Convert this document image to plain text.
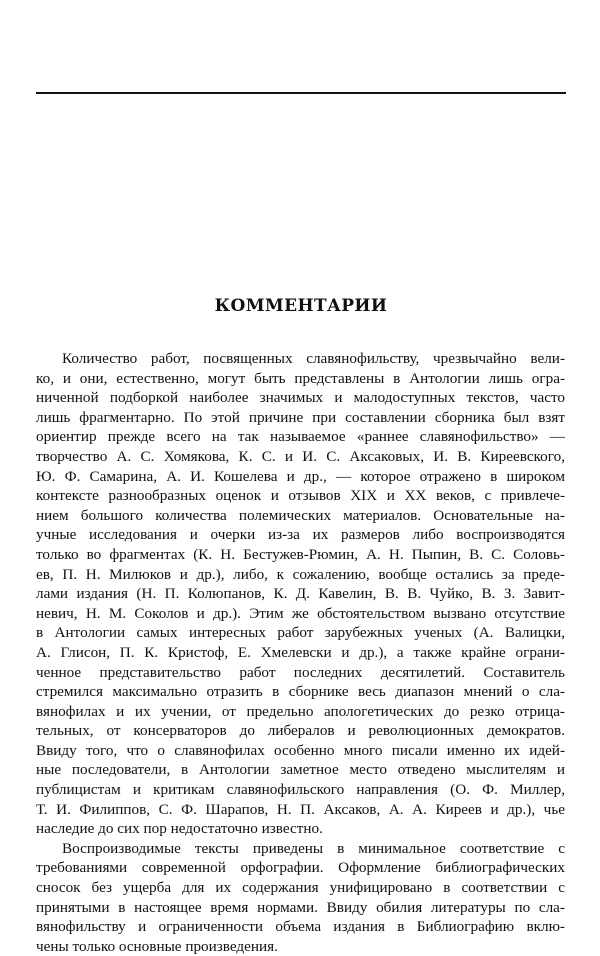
КОММЕНТАРИИ

Количество работ, посвященных славянофильству, чрезвычайно вели-
ко, и они, естественно, могут быть представлены в Антологии лишь огра-
ниченной подборкой наиболее значимых и малодоступных текстов, часто
лишь фрагментарно. По этой причине при составлении сборника был взят
ориентир прежде всего на так называемое «раннее славянофильство» —
творчество А. С. Хомякова, К. С. и И. С. Аксаковых, И. В. Киреевского,
Ю. Ф. Самарина, А. И. Кошелева и др., — которое отражено в широком
контексте разнообразных оценок и отзывов XIX и XX веков, с привлече-
нием большого количества полемических материалов. Основательные на-
учные исследования и очерки из-за их размеров либо воспроизводятся
только во фрагментах (К. Н. Бестужев-Рюмин, А. Н. Пыпин, В. С. Соловь-
ев, П. Н. Милюков и др.), либо, к сожалению, вообще остались за преде-
лами издания (Н. П. Колюпанов, К. Д. Кавелин, В. В. Чуйко, В. З. Завит-
невич, Н. М. Соколов и др.). Этим же обстоятельством вызвано отсутствие
в Антологии самых интересных работ зарубежных ученых (А. Валицки,
А. Глисон, П. К. Кристоф, Е. Хмелевски и др.), а также крайне ограни-
ченное представительство работ последних десятилетий. Составитель
стремился максимально отразить в сборнике весь диапазон мнений о сла-
вянофилах и их учении, от предельно апологетических до резко отрица-
тельных, от консерваторов до либералов и революционных демократов.
Ввиду того, что о славянофилах особенно много писали именно их идей-
ные последователи, в Антологии заметное место отведено мыслителям и
публицистам и критикам славянофильского направления (О. Ф. Миллер,
Т. И. Филиппов, С. Ф. Шарапов, Н. П. Аксаков, А. А. Киреев и др.), чье
наследие до сих пор недостаточно известно.

Воспроизводимые тексты приведены в минимальное соответствие с
требованиями современной орфографии. Оформление библиографических
сносок без ущерба для их содержания унифицировано в соответствии с
принятыми в настоящее время нормами. Ввиду обилия литературы по сла-
вянофильству и ограниченности объема издания в Библиографию вклю-
чены только основные произведения.
